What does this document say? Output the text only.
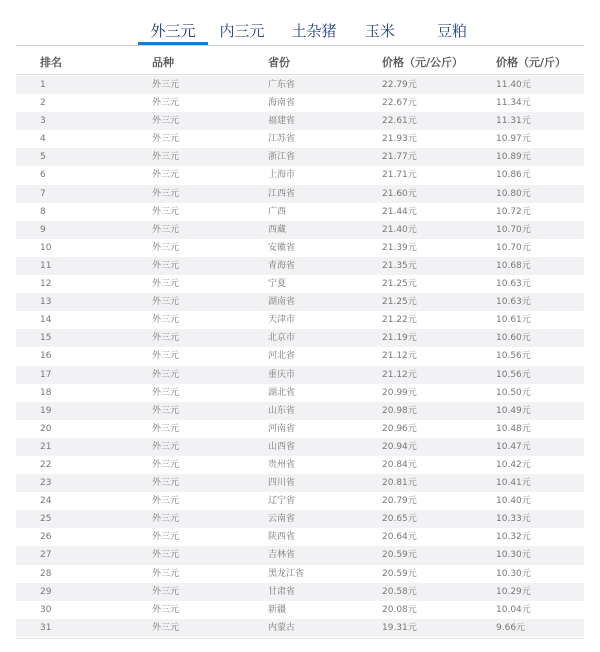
外三元	内三元	土杂猪	玉米	豆粕
排名	品种	省份	价格（元/公斤）	价格（元/斤）
1	外三元	广东省	22.79元	11.40元
2	外三元	海南省	22.67元	11.34元
3	外三元	福建省	22.61元	11.31元
4	外三元	江苏省	21.93元	10.97元
5	外三元	浙江省	21.77元	10.89元
6	外三元	上海市	21.71元	10.86元
7	外三元	江西省	21.60元	10.80元
8	外三元	广西	21.44元	10.72元
9	外三元	西藏	21.40元	10.70元
10	外三元	安徽省	21.39元	10.70元
11	外三元	青海省	21.35元	10.68元
12	外三元	宁夏	21.25元	10.63元
13	外三元	湖南省	21.25元	10.63元
14	外三元	天津市	21.22元	10.61元
15	外三元	北京市	21.19元	10.60元
16	外三元	河北省	21.12元	10.56元
17	外三元	重庆市	21.12元	10.56元
18	外三元	湖北省	20.99元	10.50元
19	外三元	山东省	20.98元	10.49元
20	外三元	河南省	20.96元	10.48元
21	外三元	山西省	20.94元	10.47元
22	外三元	贵州省	20.84元	10.42元
23	外三元	四川省	20.81元	10.41元
24	外三元	辽宁省	20.79元	10.40元
25	外三元	云南省	20.65元	10.33元
26	外三元	陕西省	20.64元	10.32元
27	外三元	吉林省	20.59元	10.30元
28	外三元	黑龙江省	20.59元	10.30元
29	外三元	甘肃省	20.58元	10.29元
30	外三元	新疆	20.08元	10.04元
31	外三元	内蒙古	19.31元	9.66元
